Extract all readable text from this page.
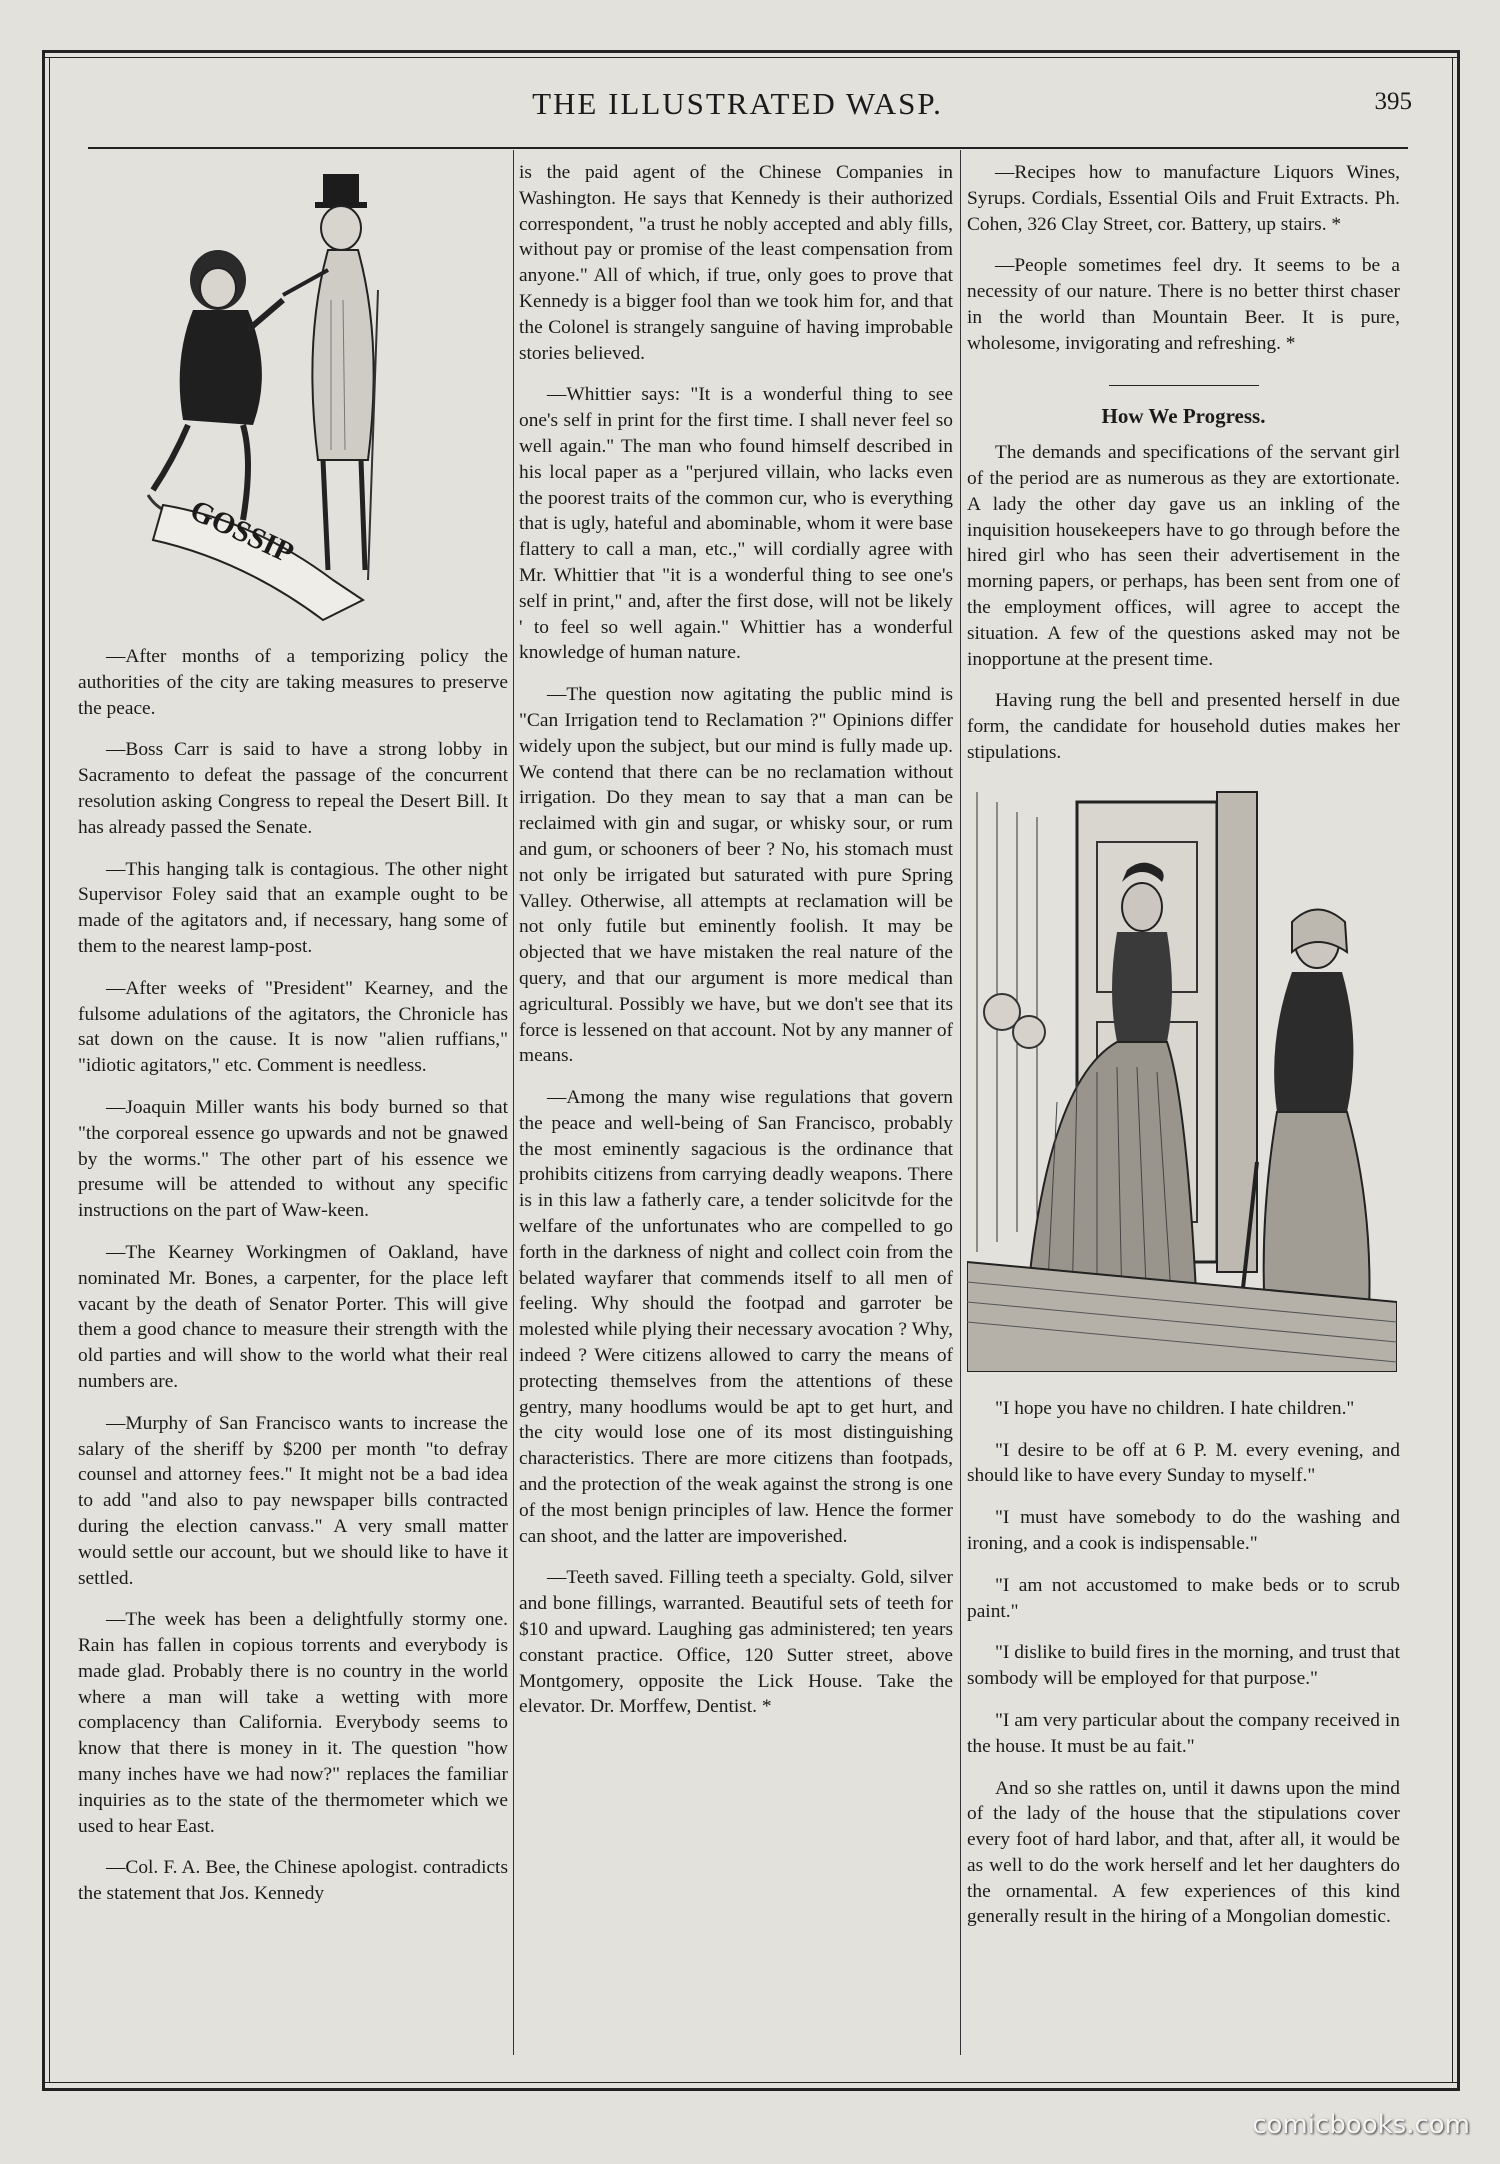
THE ILLUSTRATED WASP.	395
GOSSIP

—After months of a temporizing policy the authorities of the city are taking measures to preserve the peace.

—Boss Carr is said to have a strong lobby in Sacramento to defeat the passage of the concurrent resolution asking Congress to repeal the Desert Bill. It has already passed the Senate.

—This hanging talk is contagious. The other night Supervisor Foley said that an example ought to be made of the agitators and, if necessary, hang some of them to the nearest lamp-post.

—After weeks of "President" Kearney, and the fulsome adulations of the agitators, the Chronicle has sat down on the cause. It is now "alien ruffians," "idiotic agitators," etc. Comment is needless.

—Joaquin Miller wants his body burned so that "the corporeal essence go upwards and not be gnawed by the worms." The other part of his essence we presume will be attended to without any specific instructions on the part of Waw-keen.

—The Kearney Workingmen of Oakland, have nominated Mr. Bones, a carpenter, for the place left vacant by the death of Senator Porter. This will give them a good chance to measure their strength with the old parties and will show to the world what their real numbers are.

—Murphy of San Francisco wants to increase the salary of the sheriff by $200 per month "to defray counsel and attorney fees." It might not be a bad idea to add "and also to pay newspaper bills contracted during the election canvass." A very small matter would settle our account, but we should like to have it settled.

—The week has been a delightfully stormy one. Rain has fallen in copious torrents and everybody is made glad. Probably there is no country in the world where a man will take a wetting with more complacency than California. Everybody seems to know that there is money in it. The question "how many inches have we had now?" replaces the familiar inquiries as to the state of the thermometer which we used to hear East.

—Col. F. A. Bee, the Chinese apologist. contradicts the statement that Jos. Kennedy

is the paid agent of the Chinese Companies in Washington. He says that Kennedy is their authorized correspondent, "a trust he nobly accepted and ably fills, without pay or promise of the least compensation from anyone." All of which, if true, only goes to prove that Kennedy is a bigger fool than we took him for, and that the Colonel is strangely sanguine of having improbable stories believed.

—Whittier says: "It is a wonderful thing to see one's self in print for the first time. I shall never feel so well again." The man who found himself described in his local paper as a "perjured villain, who lacks even the poorest traits of the common cur, who is everything that is ugly, hateful and abominable, whom it were base flattery to call a man, etc.," will cordially agree with Mr. Whittier that "it is a wonderful thing to see one's self in print," and, after the first dose, will not be likely ' to feel so well again." Whittier has a wonderful knowledge of human nature.

—The question now agitating the public mind is "Can Irrigation tend to Reclamation ?" Opinions differ widely upon the subject, but our mind is fully made up. We contend that there can be no reclamation without irrigation. Do they mean to say that a man can be reclaimed with gin and sugar, or whisky sour, or rum and gum, or schooners of beer ? No, his stomach must not only be irrigated but saturated with pure Spring Valley. Otherwise, all attempts at reclamation will be not only futile but eminently foolish. It may be objected that we have mistaken the real nature of the query, and that our argument is more medical than agricultural. Possibly we have, but we don't see that its force is lessened on that account. Not by any manner of means.

—Among the many wise regulations that govern the peace and well-being of San Francisco, probably the most eminently sagacious is the ordinance that prohibits citizens from carrying deadly weapons. There is in this law a fatherly care, a tender solicitvde for the welfare of the unfortunates who are compelled to go forth in the darkness of night and collect coin from the belated wayfarer that commends itself to all men of feeling. Why should the footpad and garroter be molested while plying their necessary avocation ? Why, indeed ? Were citizens allowed to carry the means of protecting themselves from the attentions of these gentry, many hoodlums would be apt to get hurt, and the city would lose one of its most distinguishing characteristics. There are more citizens than footpads, and the protection of the weak against the strong is one of the most benign principles of law. Hence the former can shoot, and the latter are impoverished.

—Teeth saved. Filling teeth a specialty. Gold, silver and bone fillings, warranted. Beautiful sets of teeth for $10 and upward. Laughing gas administered; ten years constant practice. Office, 120 Sutter street, above Montgomery, opposite the Lick House. Take the elevator. Dr. Morffew, Dentist. *

—Recipes how to manufacture Liquors Wines, Syrups. Cordials, Essential Oils and Fruit Extracts. Ph. Cohen, 326 Clay Street, cor. Battery, up stairs. *

—People sometimes feel dry. It seems to be a necessity of our nature. There is no better thirst chaser in the world than Mountain Beer. It is pure, wholesome, invigorating and refreshing. *

How We Progress.

The demands and specifications of the servant girl of the period are as numerous as they are extortionate. A lady the other day gave us an inkling of the inquisition housekeepers have to go through before the hired girl who has seen their advertisement in the morning papers, or perhaps, has been sent from one of the employment offices, will agree to accept the situation. A few of the questions asked may not be inopportune at the present time.

Having rung the bell and presented herself in due form, the candidate for household duties makes her stipulations.

"I hope you have no children. I hate children."

"I desire to be off at 6 P. M. every evening, and should like to have every Sunday to myself."

"I must have somebody to do the washing and ironing, and a cook is indispensable."

"I am not accustomed to make beds or to scrub paint."

"I dislike to build fires in the morning, and trust that sombody will be employed for that purpose."

"I am very particular about the company received in the house. It must be au fait."

And so she rattles on, until it dawns upon the mind of the lady of the house that the stipulations cover every foot of hard labor, and that, after all, it would be as well to do the work herself and let her daughters do the ornamental. A few experiences of this kind generally result in the hiring of a Mongolian domestic.

comicbooks.com
